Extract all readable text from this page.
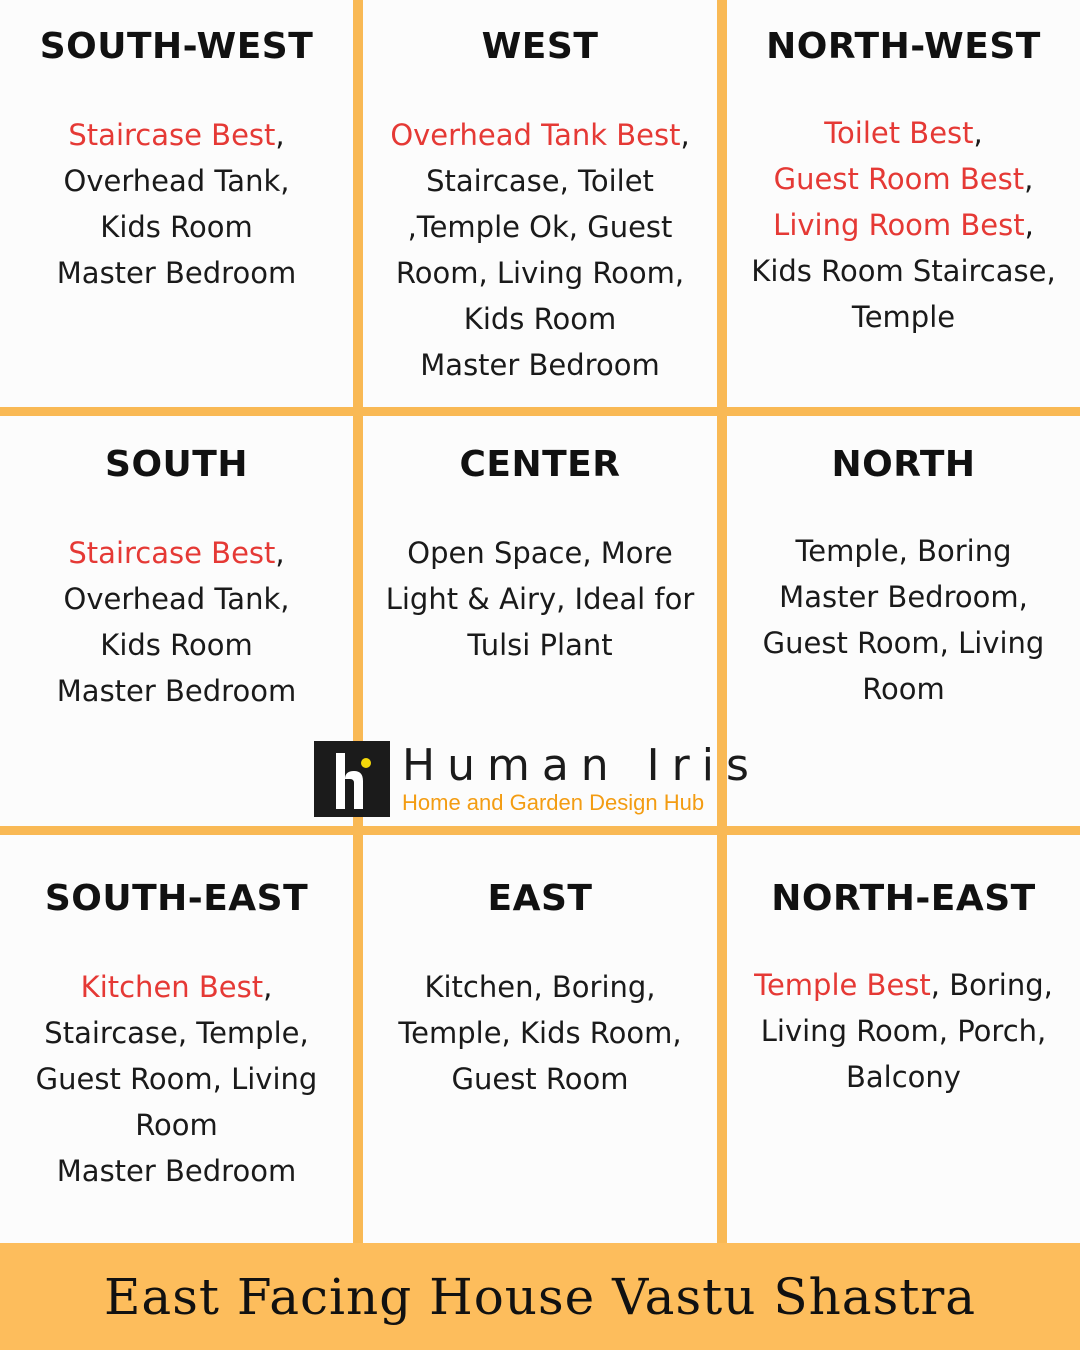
SOUTH-WEST
Staircase Best,
Overhead Tank,
Kids Room
Master Bedroom
WEST
Overhead Tank Best,
Staircase, Toilet
,Temple Ok, Guest
Room, Living Room,
Kids Room
Master Bedroom
NORTH-WEST
Toilet Best,
Guest Room Best,
Living Room Best,
Kids Room Staircase,
Temple
SOUTH
Staircase Best,
Overhead Tank,
Kids Room
Master Bedroom
CENTER
Open Space, More
Light & Airy, Ideal for
Tulsi Plant
NORTH
Temple, Boring
Master Bedroom,
Guest Room, Living
Room
SOUTH-EAST
Kitchen Best,
Staircase, Temple,
Guest Room, Living
Room
Master Bedroom
EAST
Kitchen, Boring,
Temple, Kids Room,
Guest Room
NORTH-EAST
Temple Best, Boring,
Living Room, Porch,
Balcony
Human Iris
Home and Garden Design Hub
East Facing House Vastu Shastra
